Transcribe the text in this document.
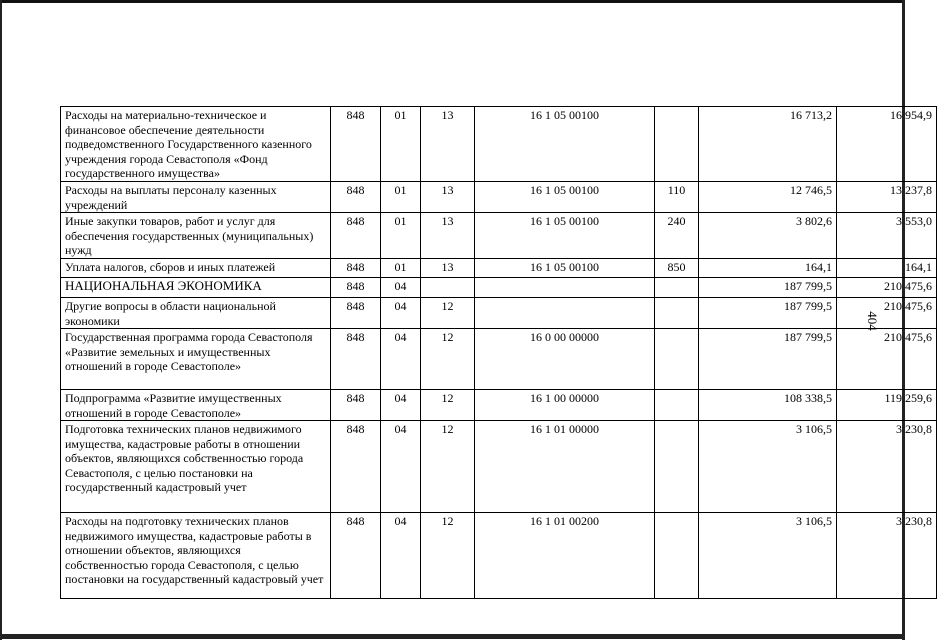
404
Расходы на материально-техническое и финансовое обеспечение деятельности подведомственного Государственного казенного учреждения города Севастополя «Фонд государственного имущества»	848	01	13	16 1 05 00100		16 713,2	16 954,9
Расходы на выплаты персоналу казенных учреждений	848	01	13	16 1 05 00100	110	12 746,5	13 237,8
Иные закупки товаров, работ и услуг для обеспечения государственных (муниципальных) нужд	848	01	13	16 1 05 00100	240	3 802,6	3 553,0
Уплата налогов, сборов и иных платежей	848	01	13	16 1 05 00100	850	164,1	164,1
НАЦИОНАЛЬНАЯ ЭКОНОМИКА	848	04				187 799,5	210 475,6
Другие вопросы в области национальной экономики	848	04	12			187 799,5	210 475,6
Государственная программа города Севастополя «Развитие земельных и имущественных отношений в городе Севастополе»	848	04	12	16 0 00 00000		187 799,5	210 475,6
Подпрограмма «Развитие имущественных отношений в городе Севастополе»	848	04	12	16 1 00 00000		108 338,5	119 259,6
Подготовка технических планов недвижимого имущества, кадастровые работы в отношении объектов, являющихся собственностью города Севастополя, с целью постановки на государственный кадастровый учет	848	04	12	16 1 01 00000		3 106,5	3 230,8
Расходы на подготовку технических планов недвижимого имущества, кадастровые работы в отношении объектов, являющихся собственностью города Севастополя, с целью постановки на государственный кадастровый учет	848	04	12	16 1 01 00200		3 106,5	3 230,8
